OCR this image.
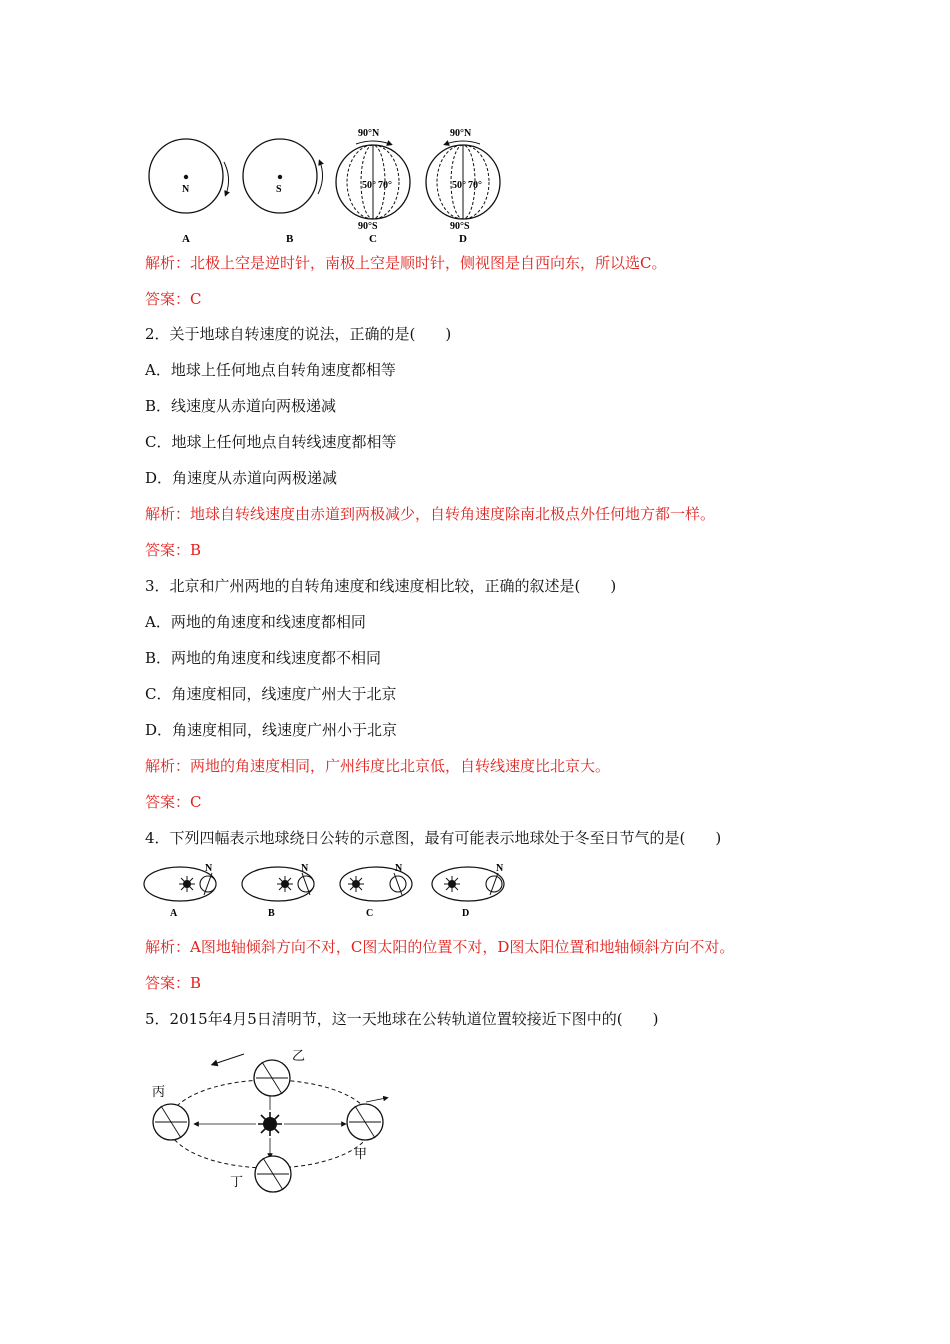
N
A
S
B
90°N
50° 70°
90°S
C
90°N
50° 70°
90°S
D
解析：北极上空是逆时针，南极上空是顺时针，侧视图是自西向东，所以选C。
答案：C
2．关于地球自转速度的说法，正确的是(　　)
A．地球上任何地点自转角速度都相等
B．线速度从赤道向两极递减
C．地球上任何地点自转线速度都相等
D．角速度从赤道向两极递减
解析：地球自转线速度由赤道到两极减少，自转角速度除南北极点外任何地方都一样。
答案：B
3．北京和广州两地的自转角速度和线速度相比较，正确的叙述是(　　)
A．两地的角速度和线速度都相同
B．两地的角速度和线速度都不相同
C．角速度相同，线速度广州大于北京
D．角速度相同，线速度广州小于北京
解析：两地的角速度相同，广州纬度比北京低，自转线速度比北京大。
答案：C
4．下列四幅表示地球绕日公转的示意图，最有可能表示地球处于冬至日节气的是(　　)
N
A
N
B
N
C
N
D
解析：A图地轴倾斜方向不对，C图太阳的位置不对，D图太阳位置和地轴倾斜方向不对。
答案：B
5．2015年4月5日清明节，这一天地球在公转轨道位置较接近下图中的(　　)
乙
丙
甲
丁
